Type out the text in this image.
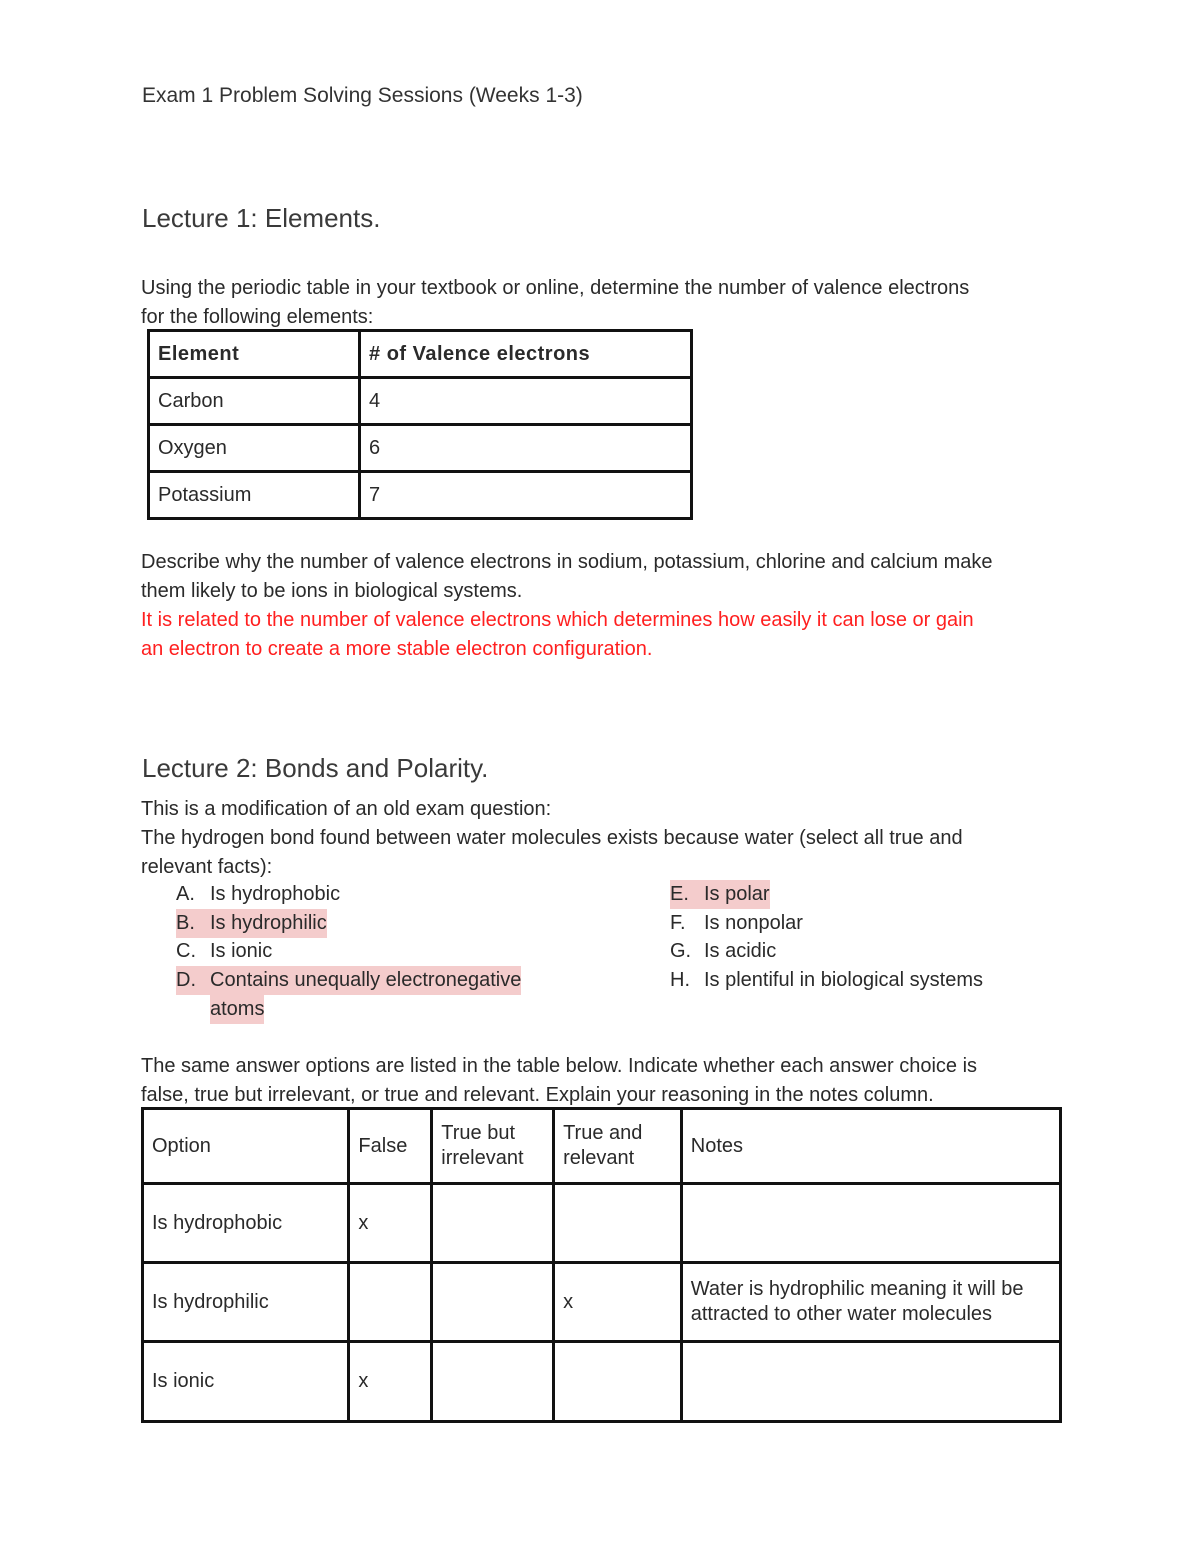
Exam 1 Problem Solving Sessions (Weeks 1-3)
Lecture 1: Elements.
Using the periodic table in your textbook or online, determine the number of valence electrons
for the following elements:
Element	# of Valence electrons
Carbon	4
Oxygen	6
Potassium	7
Describe why the number of valence electrons in sodium, potassium, chlorine and calcium make
them likely to be ions in biological systems.
It is related to the number of valence electrons which determines how easily it can lose or gain
an electron to create a more stable electron configuration.
Lecture 2: Bonds and Polarity.
This is a modification of an old exam question:
The hydrogen bond found between water molecules exists because water (select all true and
relevant facts):
A. Is hydrophobic
B. Is hydrophilic
C. Is ionic
D. Contains unequally electronegative
atoms
E. Is polar
F. Is nonpolar
G. Is acidic
H. Is plentiful in biological systems
The same answer options are listed in the table below. Indicate whether each answer choice is
false, true but irrelevant, or true and relevant. Explain your reasoning in the notes column.
Option	False	True but irrelevant	True and relevant	Notes
Is hydrophobic	x			
Is hydrophilic			x	Water is hydrophilic meaning it will be attracted to other water molecules
Is ionic	x			
